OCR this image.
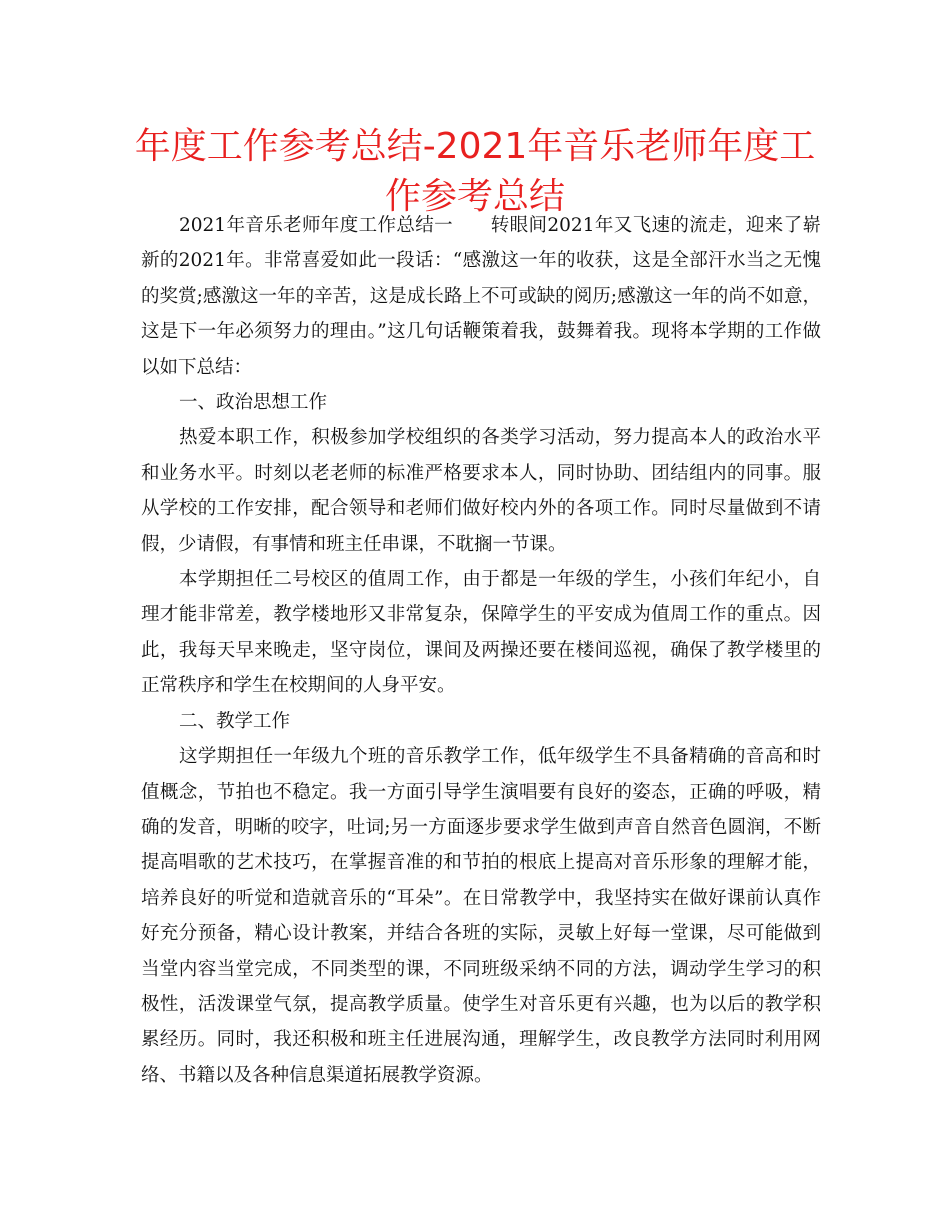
年度工作参考总结-2021年音乐老师年度工作参考总结

2021年音乐老师年度工作总结一　　转眼间2021年又飞速的流走，迎来了崭新的2021年。非常喜爱如此一段话：“感激这一年的收获，这是全部汗水当之无愧的奖赏;感激这一年的辛苦，这是成长路上不可或缺的阅历;感激这一年的尚不如意，这是下一年必须努力的理由。”这几句话鞭策着我，鼓舞着我。现将本学期的工作做以如下总结：

一、政治思想工作

热爱本职工作，积极参加学校组织的各类学习活动，努力提高本人的政治水平和业务水平。时刻以老老师的标准严格要求本人，同时协助、团结组内的同事。服从学校的工作安排，配合领导和老师们做好校内外的各项工作。同时尽量做到不请假，少请假，有事情和班主任串课，不耽搁一节课。

本学期担任二号校区的值周工作，由于都是一年级的学生，小孩们年纪小，自理才能非常差，教学楼地形又非常复杂，保障学生的平安成为值周工作的重点。因此，我每天早来晚走，坚守岗位，课间及两操还要在楼间巡视，确保了教学楼里的正常秩序和学生在校期间的人身平安。

二、教学工作

这学期担任一年级九个班的音乐教学工作，低年级学生不具备精确的音高和时值概念，节拍也不稳定。我一方面引导学生演唱要有良好的姿态，正确的呼吸，精确的发音，明晰的咬字，吐词;另一方面逐步要求学生做到声音自然音色圆润，不断提高唱歌的艺术技巧，在掌握音准的和节拍的根底上提高对音乐形象的理解才能，培养良好的听觉和造就音乐的“耳朵”。在日常教学中，我坚持实在做好课前认真作好充分预备，精心设计教案，并结合各班的实际，灵敏上好每一堂课，尽可能做到当堂内容当堂完成，不同类型的课，不同班级采纳不同的方法，调动学生学习的积极性，活泼课堂气氛，提高教学质量。使学生对音乐更有兴趣，也为以后的教学积累经历。同时，我还积极和班主任进展沟通，理解学生，改良教学方法同时利用网络、书籍以及各种信息渠道拓展教学资源。
